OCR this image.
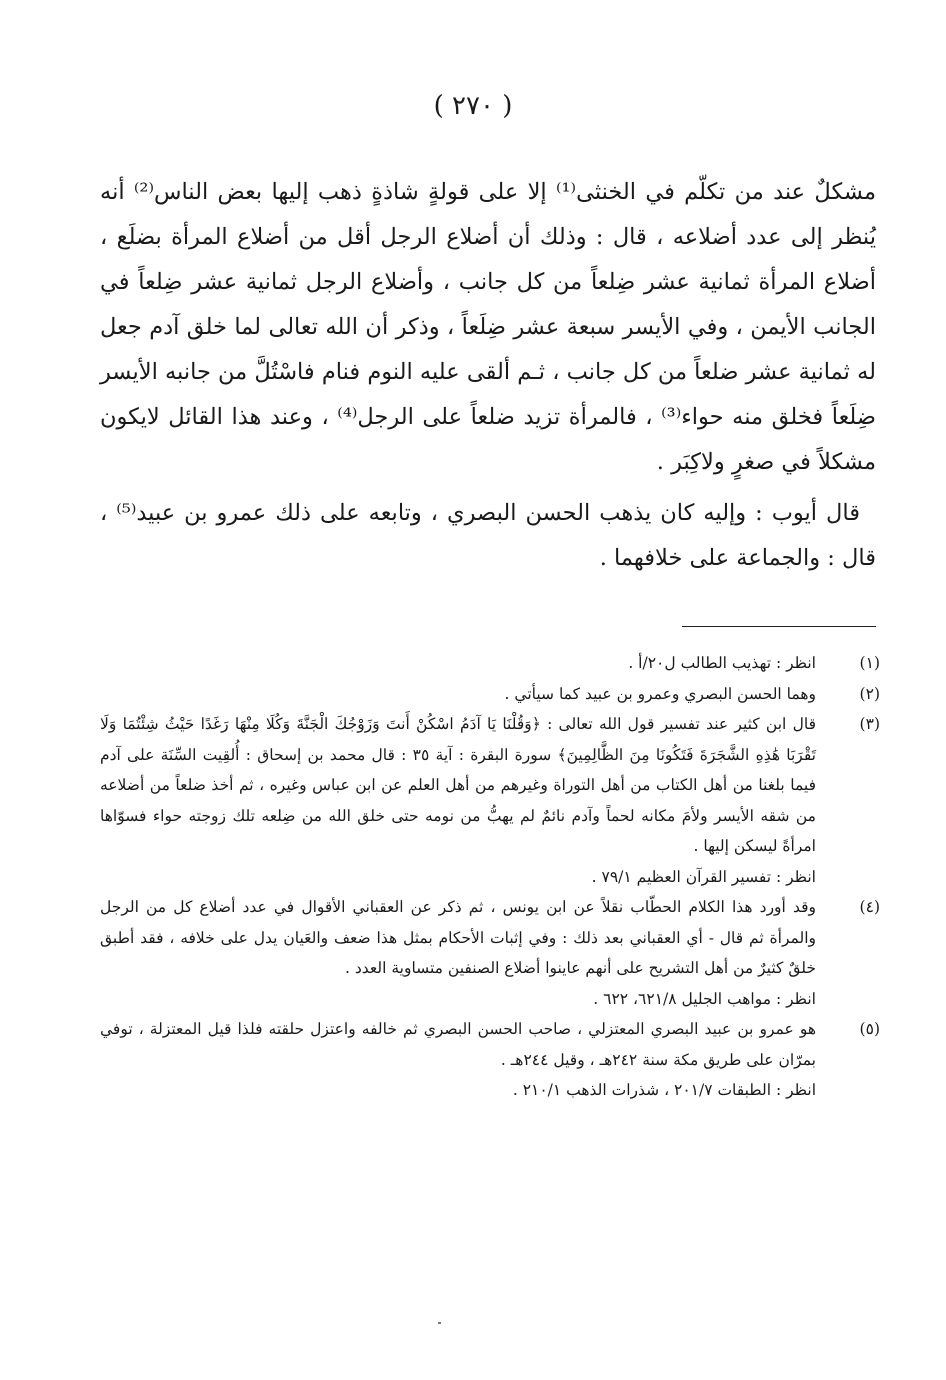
( ٢٧٠ )

مشكلٌ عند من تكلّم في الخنثى⁽¹⁾ إلا على قولةٍ شاذةٍ ذهب إليها بعض الناس⁽²⁾ أنه يُنظر إلى عدد أضلاعه ، قال : وذلك أن أضلاع الرجل أقل من أضلاع المرأة بضلَع ، أضلاع المرأة ثمانية عشر ضِلعاً من كل جانب ، وأضلاع الرجل ثمانية عشر ضِلعاً في الجانب الأيمن ، وفي الأيسر سبعة عشر ضِلَعاً ، وذكر أن الله تعالى لما خلق آدم جعل له ثمانية عشر ضلعاً من كل جانب ، ثـم ألقى عليه النوم فنام فاسْتُلَّ من جانبه الأيسر ضِلَعاً فخلق منه حواء⁽³⁾ ، فالمرأة تزيد ضلعاً على الرجل⁽⁴⁾ ، وعند هذا القائل لايكون مشكلاً في صغرٍ ولاكِبَر .

قال أيوب : وإليه كان يذهب الحسن البصري ، وتابعه على ذلك عمرو بن عبيد⁽⁵⁾ ، قال : والجماعة على خلافهما .

(١)
انظر : تهذيب الطالب ل٢٠/أ .
(٢)
وهما الحسن البصري وعمرو بن عبيد كما سيأتي .
(٣)
قال ابن كثير عند تفسير قول الله تعالى : ﴿وَقُلْنَا يَا آدَمُ اسْكُنْ أَنتَ وَزَوْجُكَ الْجَنَّةَ وَكُلَا مِنْهَا رَغَدًا حَيْثُ شِئْتُمَا وَلَا تَقْرَبَا هَٰذِهِ الشَّجَرَةَ فَتَكُونَا مِنَ الظَّالِمِينَ﴾ سورة البقرة : آية ٣٥ : قال محمد بن إسحاق : أُلقِيت السِّنَة على آدم فيما بلغنا من أهل الكتاب من أهل التوراة وغيرهم من أهل العلم عن ابن عباس وغيره ، ثم أخذ ضلعاً من أضلاعه من شقه الأيسر ولأمَ مكانه لحماً وآدم نائمٌ لم يهبُّ من نومه حتى خلق الله من ضِلعه تلك زوجته حواء فسوّاها امرأةً ليسكن إليها .
انظر : تفسير القرآن العظيم ٧٩/١ .
(٤)
وقد أورد هذا الكلام الحطّاب نقلاً عن ابن يونس ، ثم ذكر عن العقباني الأقوال في عدد أضلاع كل من الرجل والمرأة ثم قال - أي العقباني بعد ذلك : وفي إثبات الأحكام بمثل هذا ضعف والعَيان يدل على خلافه ، فقد أطبق خلقٌ كثيرٌ من أهل التشريح على أنهم عاينوا أضلاع الصنفين متساوية العدد .
انظر : مواهب الجليل ٦٢١/٨، ٦٢٢ .
(٥)
هو عمرو بن عبيد البصري المعتزلي ، صاحب الحسن البصري ثم خالفه واعتزل حلقته فلذا قيل المعتزلة ، توفي بمرّان على طريق مكة سنة ٢٤٢هـ ، وقيل ٢٤٤هـ .
انظر : الطبقات ٢٠١/٧ ، شذرات الذهب ٢١٠/١ .
